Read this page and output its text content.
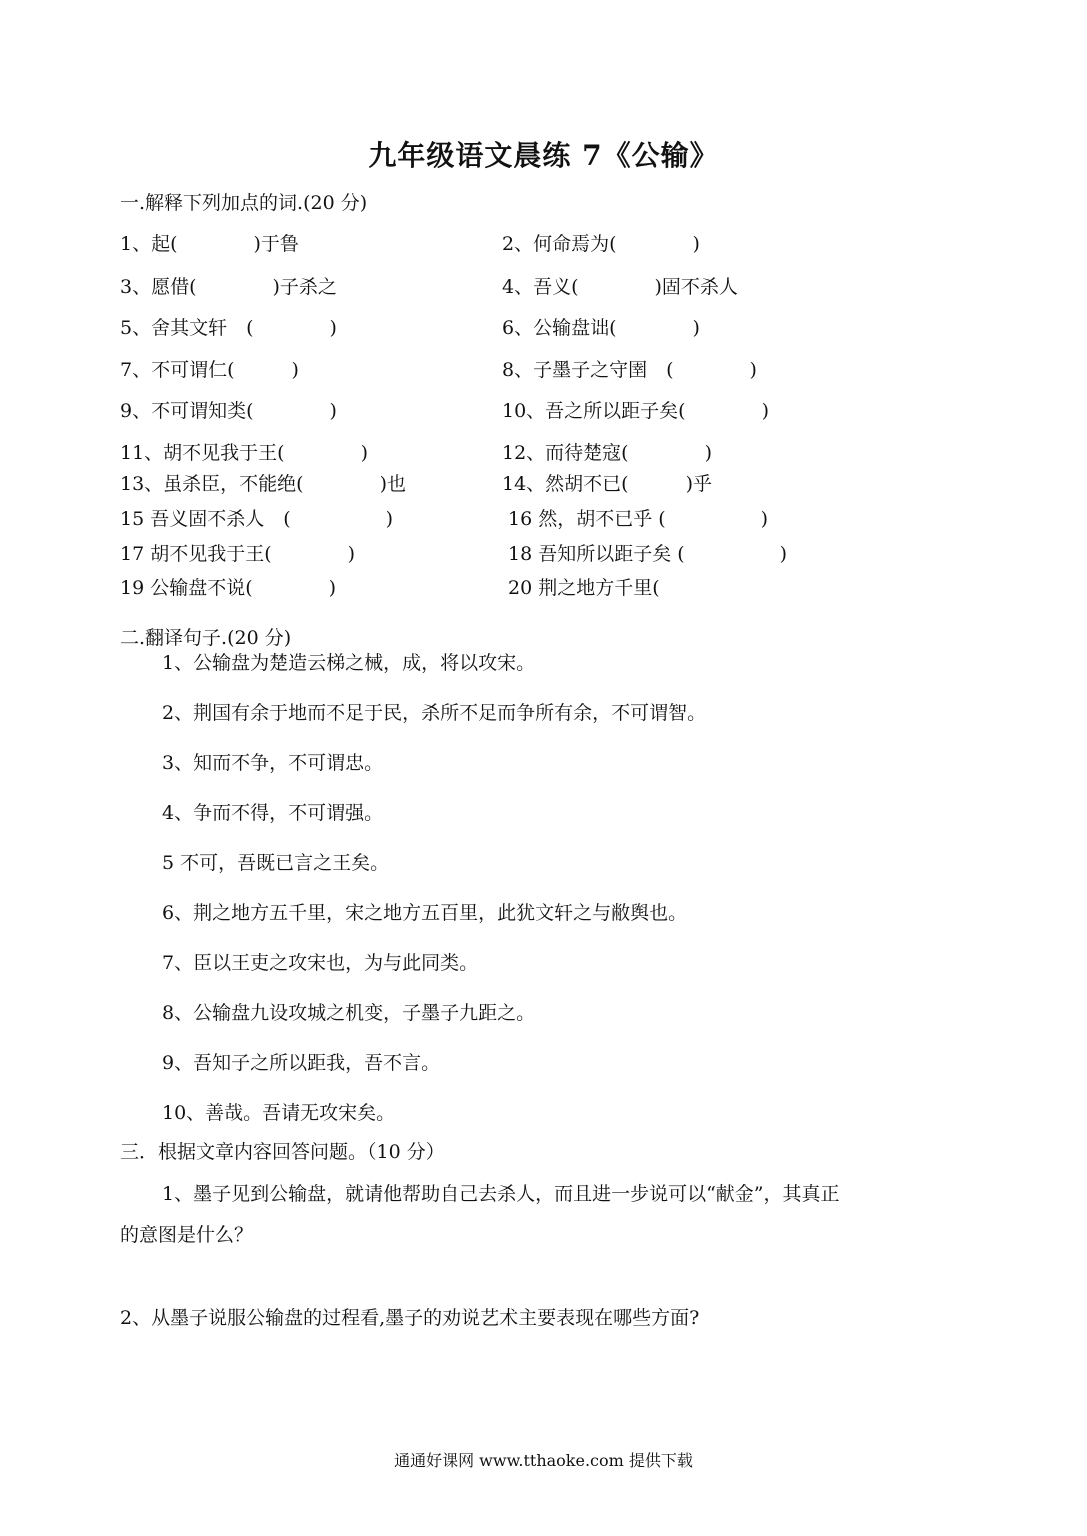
九年级语文晨练 7《公输》
一.解释下列加点的词.(20 分)
1、起(　　　　)于鲁	2、何命焉为(　　　　)
3、愿借(　　　　)子杀之	4、吾义(　　　　)固不杀人
5、舍其文轩　(　　　　)	6、公输盘诎(　　　　)
7、不可谓仁(　　　)	8、子墨子之守圉　(　　　　)
9、不可谓知类(　　　　)	10、吾之所以距子矣(　　　　)
11、胡不见我于王(　　　　)	12、而待楚寇(　　　　)
13、虽杀臣，不能绝(　　　　)也	14、然胡不已(　　　)乎
15 吾义固不杀人　(　　　　　)	16 然，胡不已乎 (　　　　　)
17 胡不见我于王(　　　　)	18 吾知所以距子矣 (　　　　　)
19 公输盘不说(　　　　)	20 荆之地方千里(
二.翻译句子.(20 分)
1、公输盘为楚造云梯之械，成，将以攻宋。
2、荆国有余于地而不足于民，杀所不足而争所有余，不可谓智。
3、知而不争，不可谓忠。
4、争而不得，不可谓强。
5 不可，吾既已言之王矣。
6、荆之地方五千里，宋之地方五百里，此犹文轩之与敝舆也。
7、臣以王吏之攻宋也，为与此同类。
8、公输盘九设攻城之机变，子墨子九距之。
9、吾知子之所以距我，吾不言。
10、善哉。吾请无攻宋矣。
三．根据文章内容回答问题。（10 分）
1、墨子见到公输盘，就请他帮助自己去杀人，而且进一步说可以“献金”，其真正
的意图是什么？
2、从墨子说服公输盘的过程看,墨子的劝说艺术主要表现在哪些方面?
通通好课网 www.tthaoke.com 提供下载
